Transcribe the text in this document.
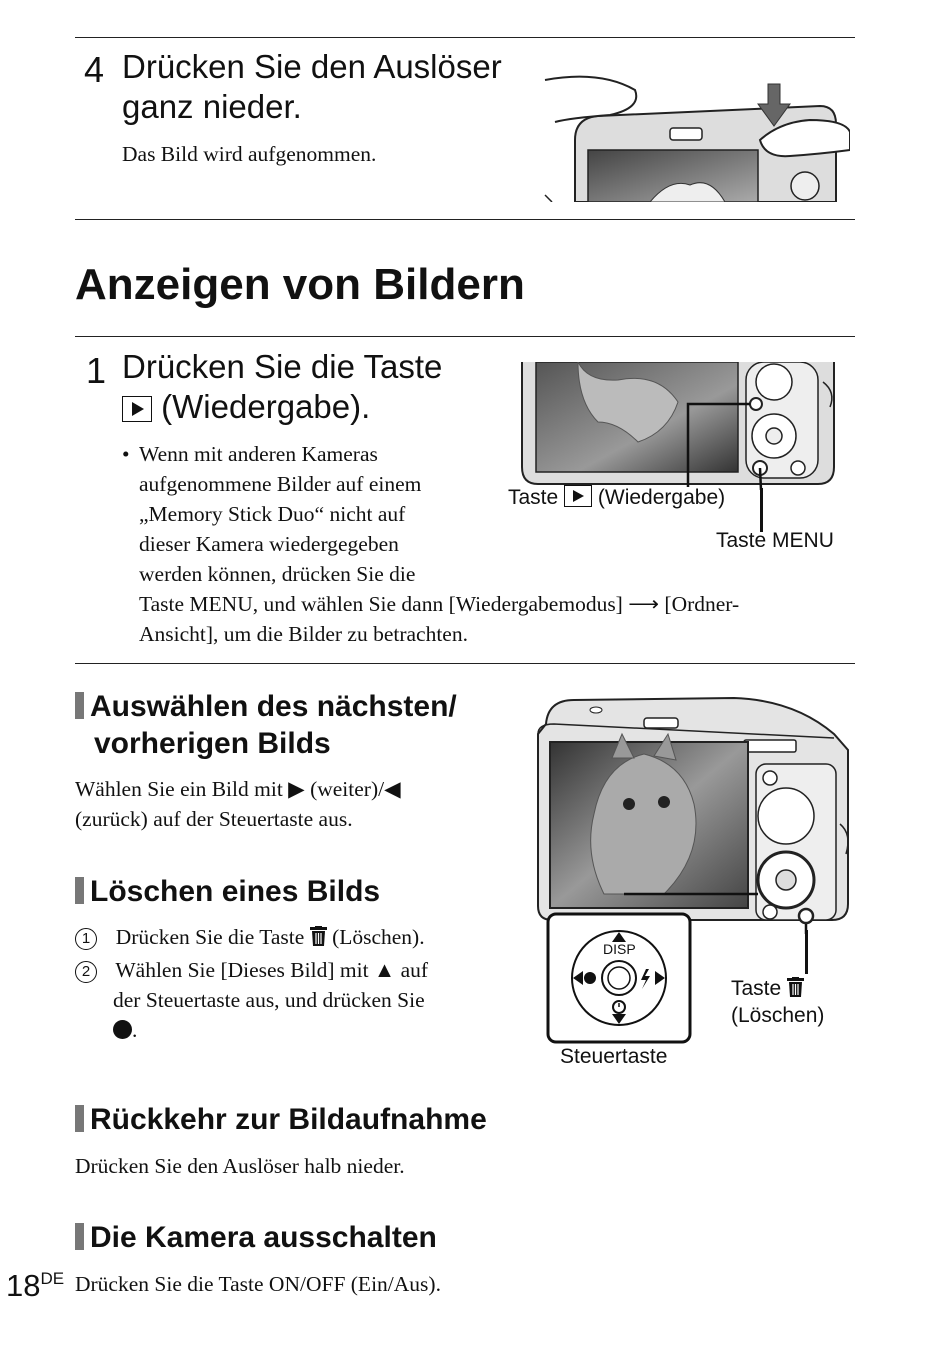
4 Drücken Sie den Auslöser ganz nieder.
Das Bild wird aufgenommen.
Anzeigen von Bildern
1 Drücken Sie die Taste
(Wiedergabe).
• Wenn mit anderen Kameras
aufgenommene Bilder auf einem
„Memory Stick Duo“ nicht auf
dieser Kamera wiedergegeben
werden können, drücken Sie die
Taste MENU, und wählen Sie dann [Wiedergabemodus] ⟶ [Ordner-
Ansicht], um die Bilder zu betrachten.
Taste (Wiedergabe)
Taste MENU
Auswählen des nächsten/
vorherigen Bilds
Wählen Sie ein Bild mit ▶ (weiter)/◀
(zurück) auf der Steuertaste aus.
Löschen eines Bilds
1 Drücken Sie die Taste (Löschen).
2 Wählen Sie [Dieses Bild] mit ▲ auf
der Steuertaste aus, und drücken Sie
.
DISP
Steuertaste
Taste
(Löschen)
Rückkehr zur Bildaufnahme
Drücken Sie den Auslöser halb nieder.
Die Kamera ausschalten
Drücken Sie die Taste ON/OFF (Ein/Aus).
18DE
